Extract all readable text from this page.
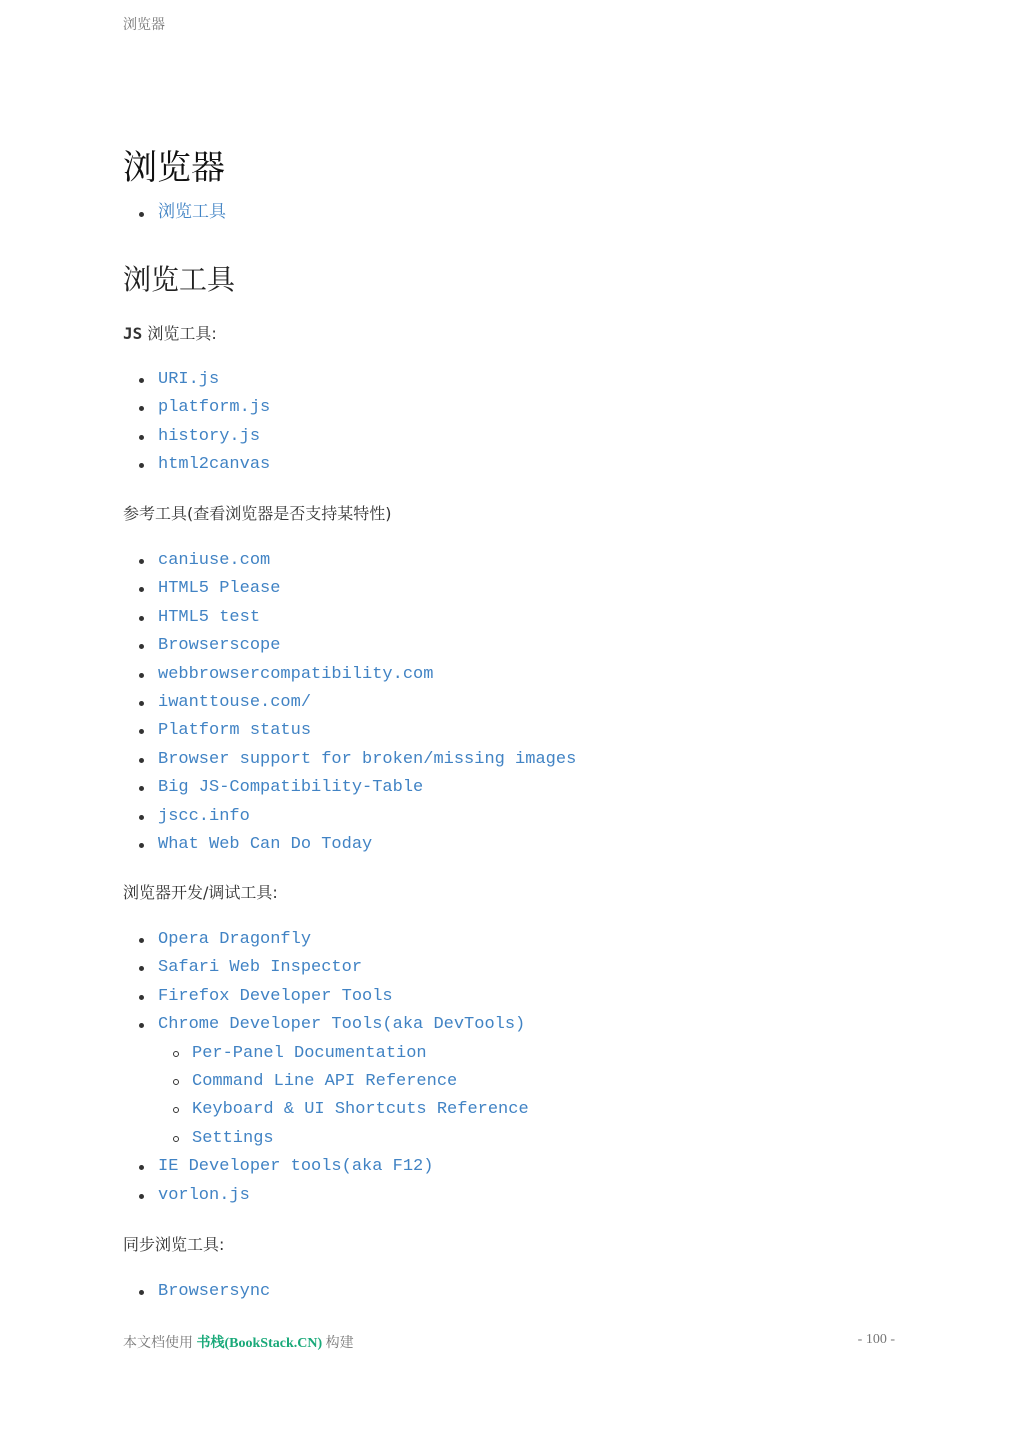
浏览器
浏览器
浏览工具
浏览工具

JS 浏览工具:

URI.js
platform.js
history.js
html2canvas

参考工具(查看浏览器是否支持某特性)

caniuse.com
HTML5 Please
HTML5 test
Browserscope
webbrowsercompatibility.com
iwanttouse.com/
Platform status
Browser support for broken/missing images
Big JS-Compatibility-Table
jscc.info
What Web Can Do Today

浏览器开发/调试工具:

Opera Dragonfly
Safari Web Inspector
Firefox Developer Tools
Chrome Developer Tools(aka DevTools)
Per-Panel Documentation
Command Line API Reference
Keyboard & UI Shortcuts Reference
Settings
IE Developer tools(aka F12)
vorlon.js

同步浏览工具:

Browsersync
本文档使用 书栈(BookStack.CN) 构建	- 100 -
